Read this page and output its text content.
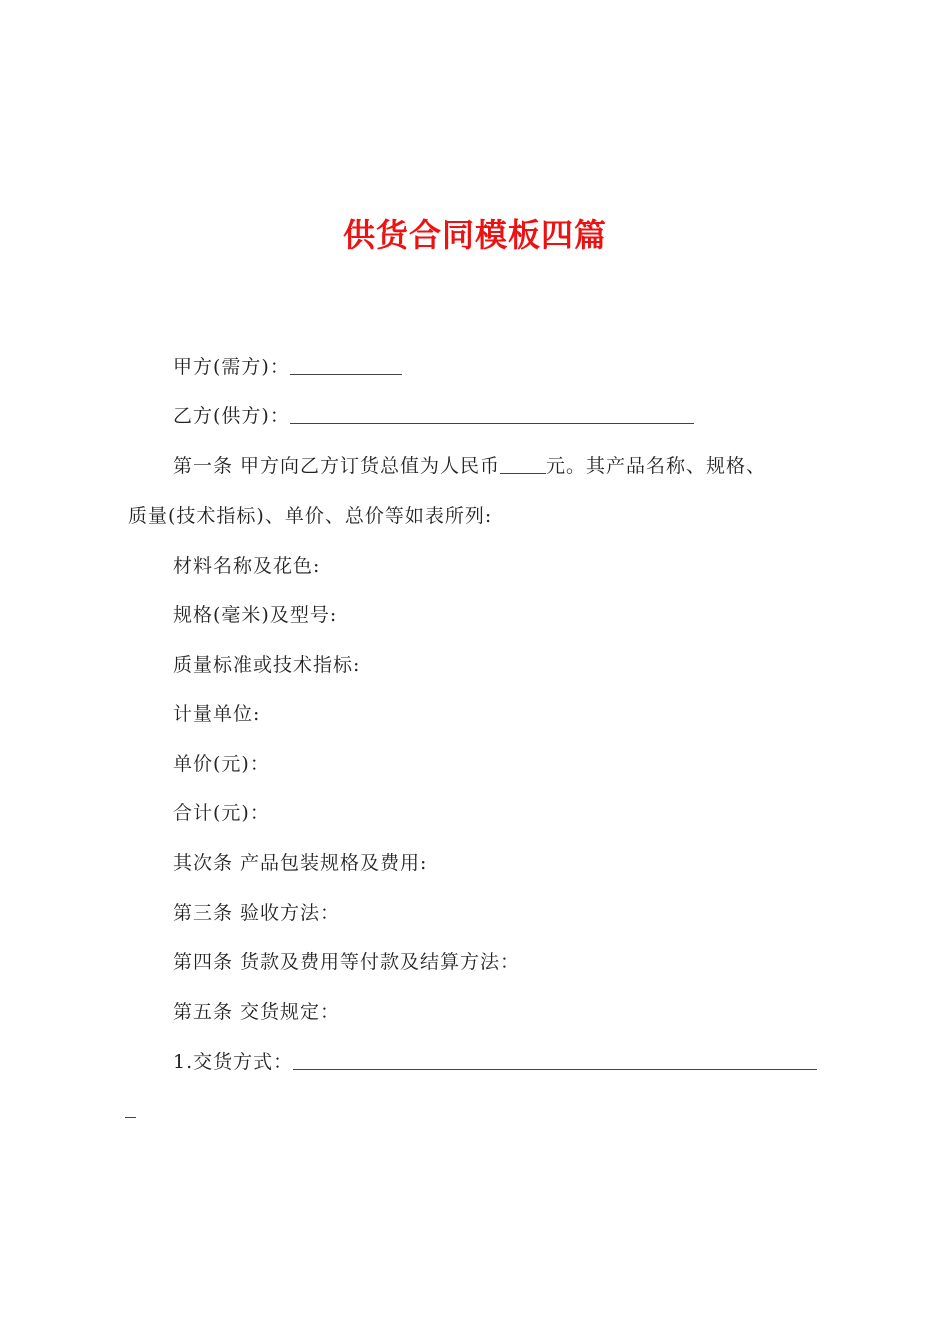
供货合同模板四篇
甲方(需方)：
乙方(供方)：
第一条 甲方向乙方订货总值为人民币 元。其产品名称、规格、
质量(技术指标)、单价、总价等如表所列:
材料名称及花色:
规格(毫米)及型号:
质量标准或技术指标:
计量单位:
单价(元)：
合计(元)：
其次条 产品包装规格及费用:
第三条 验收方法：
第四条 货款及费用等付款及结算方法：
第五条 交货规定：
1.交货方式：
